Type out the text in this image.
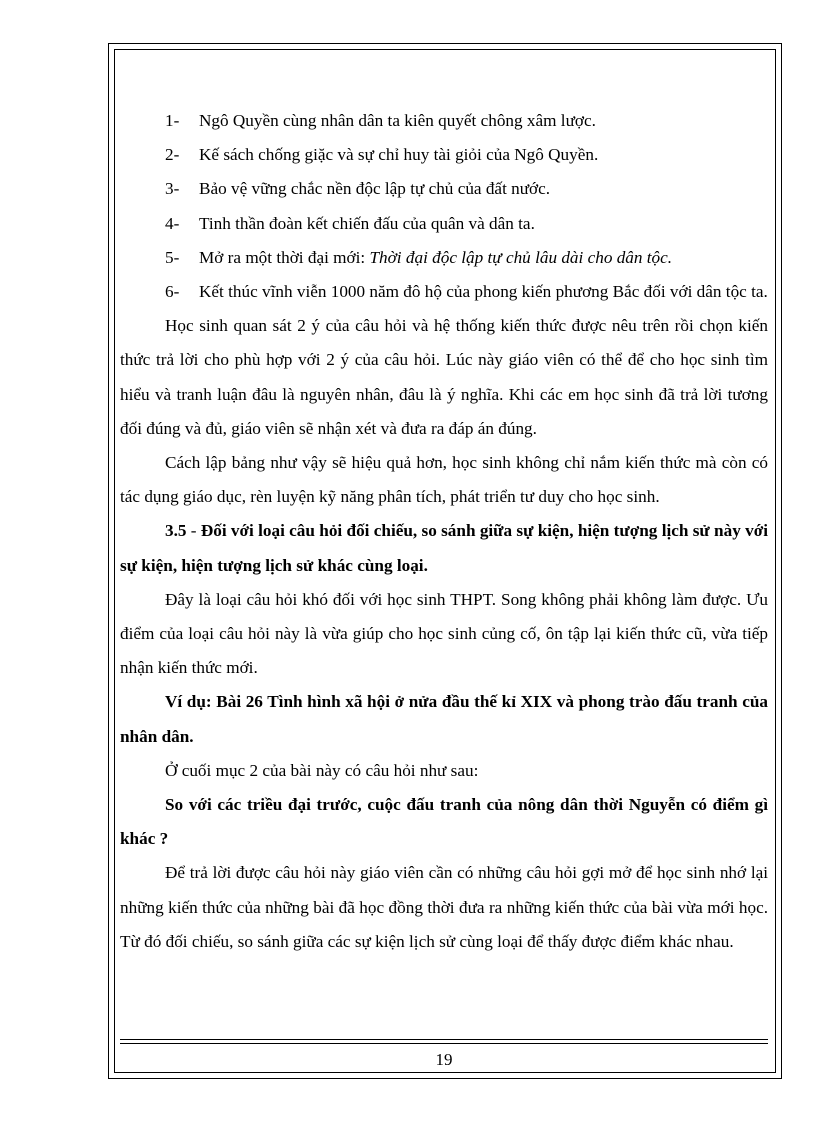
1-	Ngô Quyền cùng nhân dân ta kiên quyết chông xâm lược.

2-	Kế sách chống giặc và sự chỉ huy tài giỏi của Ngô Quyền.

3-	Bảo vệ vững chắc nền độc lập tự chủ của đất nước.

4-	Tinh thần đoàn kết chiến đấu của quân và dân ta.

5-	Mở ra một thời đại mới: Thời đại độc lập tự chủ lâu dài cho dân tộc.

6-	Kết thúc vĩnh viễn 1000 năm đô hộ của phong kiến phương Bắc đối với dân tộc ta.

Học sinh quan sát 2 ý của câu hỏi và hệ thống kiến thức được nêu trên rồi chọn kiến thức trả lời cho phù hợp với 2 ý của câu hỏi. Lúc này giáo viên có thể để cho học sinh tìm hiểu và tranh luận đâu là nguyên nhân, đâu là ý nghĩa. Khi các em học sinh đã trả lời tương đối đúng và đủ, giáo viên sẽ nhận xét và đưa ra đáp án đúng.

Cách lập bảng như vậy sẽ hiệu quả hơn, học sinh không chỉ nắm kiến thức mà còn có tác dụng giáo dục, rèn luyện kỹ năng phân tích, phát triển tư duy cho học sinh.

3.5 - Đối với loại câu hỏi đối chiếu, so sánh giữa sự kiện, hiện tượng lịch sử này với sự kiện, hiện tượng lịch sử khác cùng loại.

Đây là loại câu hỏi khó đối với học sinh THPT. Song không phải không làm được. Ưu điểm của loại câu hỏi này là vừa giúp cho học sinh củng cố, ôn tập lại kiến thức cũ, vừa tiếp nhận kiến thức mới.

Ví dụ: Bài 26 Tình hình xã hội ở nửa đầu thế kỉ XIX và phong trào đấu tranh của nhân dân.

Ở cuối mục 2 của bài này có câu hỏi như sau:

So với các triều đại trước, cuộc đấu tranh của nông dân thời Nguyễn có điểm gì khác ?

Để trả lời được câu hỏi này giáo viên cần có những câu hỏi gợi mở để học sinh nhớ lại những kiến thức của những bài đã học đồng thời đưa ra những kiến thức của bài vừa mới học. Từ đó đối chiếu, so sánh giữa các sự kiện lịch sử cùng loại để thấy được điểm khác nhau.

19
